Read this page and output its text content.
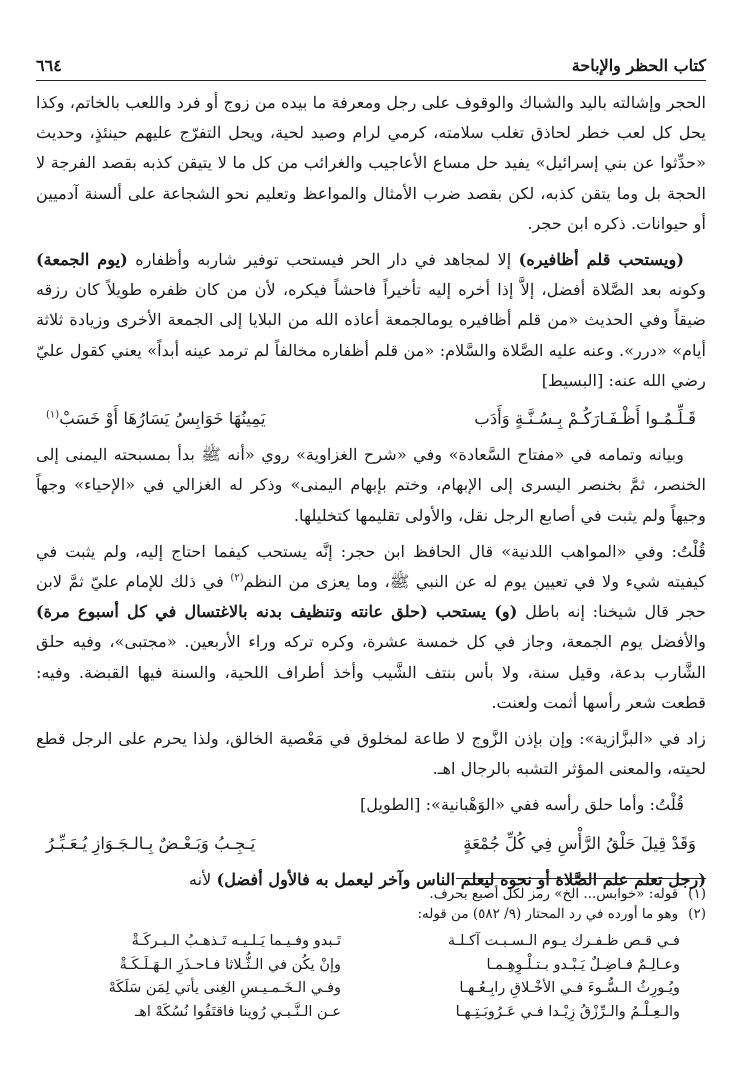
كتاب الحظر والإباحة
٦٦٤

الحجر وإشالته باليد والشباك والوقوف على رجل ومعرفة ما بيده من زوج أو فرد واللعب بالخاتم، وكذا يحل كل لعب خطر لحاذق تغلب سلامته، كرمي لرام وصيد لحية، ويحل التفرّج عليهم حينئذٍ، وحديث «حدِّثوا عن بني إسرائيل» يفيد حل مساع الأعاجيب والغرائب من كل ما لا يتيقن كذبه بقصد الفرجة لا الحجة بل وما يتقن كذبه، لكن بقصد ضرب الأمثال والمواعظ وتعليم نحو الشجاعة على ألسنة آدميين أو حيوانات. ذكره ابن حجر.

(ويستحب قلم أظافيره) إلا لمجاهد في دار الحر فيستحب توفير شاربه وأظفاره (يوم الجمعة) وكونه بعد الصَّلاة أفضل، إلاَّ إذا أخره إليه تأخيراً فاحشاً فيكره، لأن من كان ظفره طويلاً كان رزقه ضيقاً وفي الحديث «من قلم أظافيره يومالجمعة أعاذه الله من البلايا إلى الجمعة الأخرى وزيادة ثلاثة أيام» «درر». وعنه عليه الصَّلاة والسَّلام: «من قلم أظفاره مخالفاً لم ترمد عينه أبداً» يعني كقول عليّ رضي الله عنه: [البسيط]

قَـلِّـمُـوا أَظْـفَـارَكُـمْ بِـسُـنَّـةٍ وَأَدَب
يَمِينُهَا خَوَابِسُ يَسَارُهَا أَوْ خَسَبْ$^{(١)}$

وبيانه وتمامه في «مفتاح السَّعادة» وفي «شرح الغزاوية» روي «أنه ﷺ بدأ بمسبحته اليمنى إلى الخنصر، ثمَّ بخنصر اليسرى إلى الإبهام، وختم بإبهام اليمنى» وذكر له الغزالي في «الإحياء» وجهاً وجيهاً ولم يثبت في أصابع الرجل نقل، والأولى تقليمها كتخليلها.

قُلْتُ: وفي «المواهب اللدنية» قال الحافظ ابن حجر: إنَّه يستحب كيفما احتاج إليه، ولم يثبت في كيفيته شيء ولا في تعيين يوم له عن النبي ﷺ، وما يعزى من النظم$^{(٢)}$ في ذلك للإمام عليّ ثمَّ لابن حجر قال شيخنا: إنه باطل (و) يستحب (حلق عانته وتنظيف بدنه بالاغتسال في كل أسبوع مرة) والأفضل يوم الجمعة، وجاز في كل خمسة عشرة، وكره تركه وراء الأربعين. «مجتبى»، وفيه حلق الشَّارب بدعة، وقيل سنة، ولا بأس بنتف الشَّيب وأخذ أطراف اللحية، والسنة فيها القبضة. وفيه: قطعت شعر رأسها أثمت ولعنت.

زاد في «البزَّازية»: وإن بإذن الزَّوج لا طاعة لمخلوق في مَعْصية الخالق، ولذا يحرم على الرجل قطع لحيته، والمعنى المؤثر التشبه بالرجال اهـ.

قُلْتُ: وأما حلق رأسه ففي «الوَهْبانية»: [الطويل]

وَقَدْ قِيلَ حَلْقُ الرَّأْسِ فِي كُلِّ جُمْعَةٍ
يَـجِـبُ وَبَـعْـضٌ بِـالـجَـوَازِ يُـعَـبِّـرُ

(رجل تعلم علم الصَّلاة أو نحوه ليعلم الناس وآخر ليعمل به فالأول أفضل) لأنه

(١)
قوله: «خوابس... الخ» رمز لكل أصبع بحرف.
(٢)
وهو ما أورده في رد المحتار (٩/ ٥٨٢) من قوله:
فـي قـص ظـفـرك يـوم الـسـبـت آكـلـة
تَـبدو وفـيـما يَـلـيـه تَـذهـبُ الـبـركَـةْ
وعـالِـمٌ فـاضِـلٌ يَـبْـدو بـتـلْـوِهِـمـا
وإنْ يكُن في الـثُّـلاثا فـاحـذَرِ الـهَـلَـكَـةْ
ويُـورِثُ الـسُّـوءَ فـي الأخْـلاقِ رابِـعُـهـا
وفـي الـخَـمـيـسِ الغِنى يأتي لِمَن سَلَكَهْ
والـعِـلْـمُ والـرِّزْقُ زِيْـدا فـي عَـرُوبَـتِـهـا
عـن الـنَّـبـي رُوينا فاقتَفُوا نُسُكَهْ اهـ
